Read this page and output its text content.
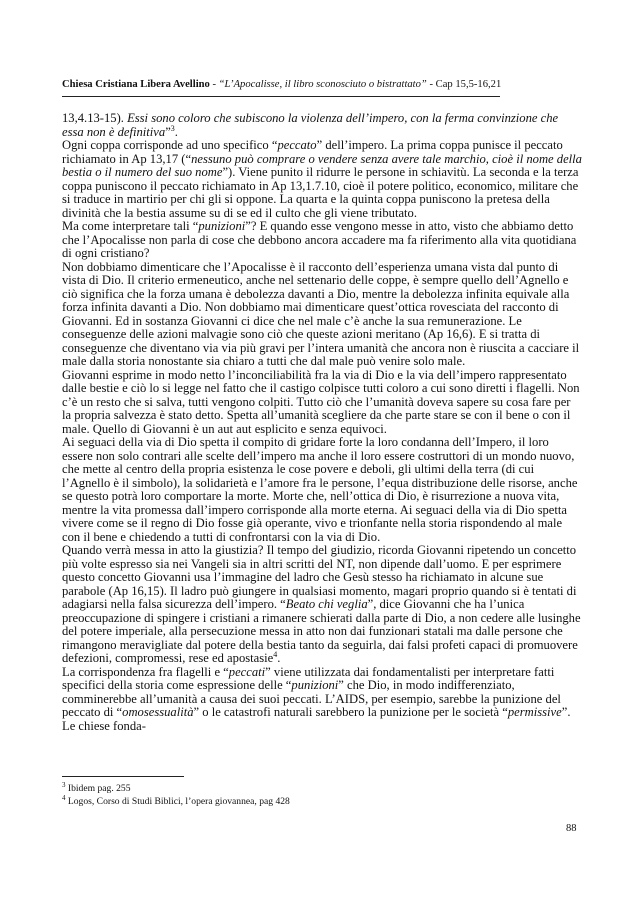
Chiesa Cristiana Libera Avellino - “L’Apocalisse, il libro sconosciuto o bistrattato” - Cap 15,5-16,21

13,4.13-15). Essi sono coloro che subiscono la violenza dell’impero, con la ferma convinzione che essa non è definitiva”$^3$.

Ogni coppa corrisponde ad uno specifico “peccato” dell’impero. La prima coppa punisce il peccato richiamato in Ap 13,17 (“nessuno può comprare o vendere senza avere tale marchio, cioè il nome della bestia o il numero del suo nome”). Viene punito il ridurre le persone in schiavitù. La seconda e la terza coppa puniscono il peccato richiamato in Ap 13,1.7.10, cioè il potere politico, economico, militare che si traduce in martirio per chi gli si oppone. La quarta e la quinta coppa puniscono la pretesa della divinità che la bestia assume su di se ed il culto che gli viene tributato.

Ma come interpretare tali “punizioni”? E quando esse vengono messe in atto, visto che abbiamo detto che l’Apocalisse non parla di cose che debbono ancora accadere ma fa riferimento alla vita quotidiana di ogni cristiano?

Non dobbiamo dimenticare che l’Apocalisse è il racconto dell’esperienza umana vista dal punto di vista di Dio. Il criterio ermeneutico, anche nel settenario delle coppe, è sempre quello dell’Agnello e ciò significa che la forza umana è debolezza davanti a Dio, mentre la debolezza infinita equivale alla forza infinita davanti a Dio. Non dobbiamo mai dimenticare quest’ottica rovesciata del racconto di Giovanni. Ed in sostanza Giovanni ci dice che nel male c’è anche la sua remunerazione. Le conseguenze delle azioni malvagie sono ciò che queste azioni meritano (Ap 16,6). E si tratta di conseguenze che diventano via via più gravi per l’intera umanità che ancora non è riuscita a cacciare il male dalla storia nonostante sia chiaro a tutti che dal male può venire solo male.

Giovanni esprime in modo netto l’inconciliabilità fra la via di Dio e la via dell’impero rappresentato dalle bestie e ciò lo si legge nel fatto che il castigo colpisce tutti coloro a cui sono diretti i flagelli. Non c’è un resto che si salva, tutti vengono colpiti. Tutto ciò che l’umanità doveva sapere su cosa fare per la propria salvezza è stato detto. Spetta all’umanità scegliere da che parte stare se con il bene o con il male. Quello di Giovanni è un aut aut esplicito e senza equivoci.

Ai seguaci della via di Dio spetta il compito di gridare forte la loro condanna dell’Impero, il loro essere non solo contrari alle scelte dell’impero ma anche il loro essere costruttori di un mondo nuovo, che mette al centro della propria esistenza le cose povere e deboli, gli ultimi della terra (di cui l’Agnello è il simbolo), la solidarietà e l’amore fra le persone, l’equa distribuzione delle risorse, anche se questo potrà loro comportare la morte. Morte che, nell’ottica di Dio, è risurrezione a nuova vita, mentre la vita promessa dall’impero corrisponde alla morte eterna. Ai seguaci della via di Dio spetta vivere come se il regno di Dio fosse già operante, vivo e trionfante nella storia rispondendo al male con il bene e chiedendo a tutti di confrontarsi con la via di Dio.

Quando verrà messa in atto la giustizia? Il tempo del giudizio, ricorda Giovanni ripetendo un concetto più volte espresso sia nei Vangeli sia in altri scritti del NT, non dipende dall’uomo. E per esprimere questo concetto Giovanni usa l’immagine del ladro che Gesù stesso ha richiamato in alcune sue parabole (Ap 16,15). Il ladro può giungere in qualsiasi momento, magari proprio quando si è tentati di adagiarsi nella falsa sicurezza dell’impero. “Beato chi veglia”, dice Giovanni che ha l’unica preoccupazione di spingere i cristiani a rimanere schierati dalla parte di Dio, a non cedere alle lusinghe del potere imperiale, alla persecuzione messa in atto non dai funzionari statali ma dalle persone che rimangono meravigliate dal potere della bestia tanto da seguirla, dai falsi profeti capaci di promuovere defezioni, compromessi, rese ed apostasie$^4$.

La corrispondenza fra flagelli e “peccati” viene utilizzata dai fondamentalisti per interpretare fatti specifici della storia come espressione delle “punizioni” che Dio, in modo indifferenziato, comminerebbe all’umanità a causa dei suoi peccati. L’AIDS, per esempio, sarebbe la punizione del peccato di “omosessualità” o le catastrofi naturali sarebbero la punizione per le società “permissive”. Le chiese fonda-

$^3$ Ibidem pag. 255
$^4$ Logos, Corso di Studi Biblici, l’opera giovannea, pag 428
88
